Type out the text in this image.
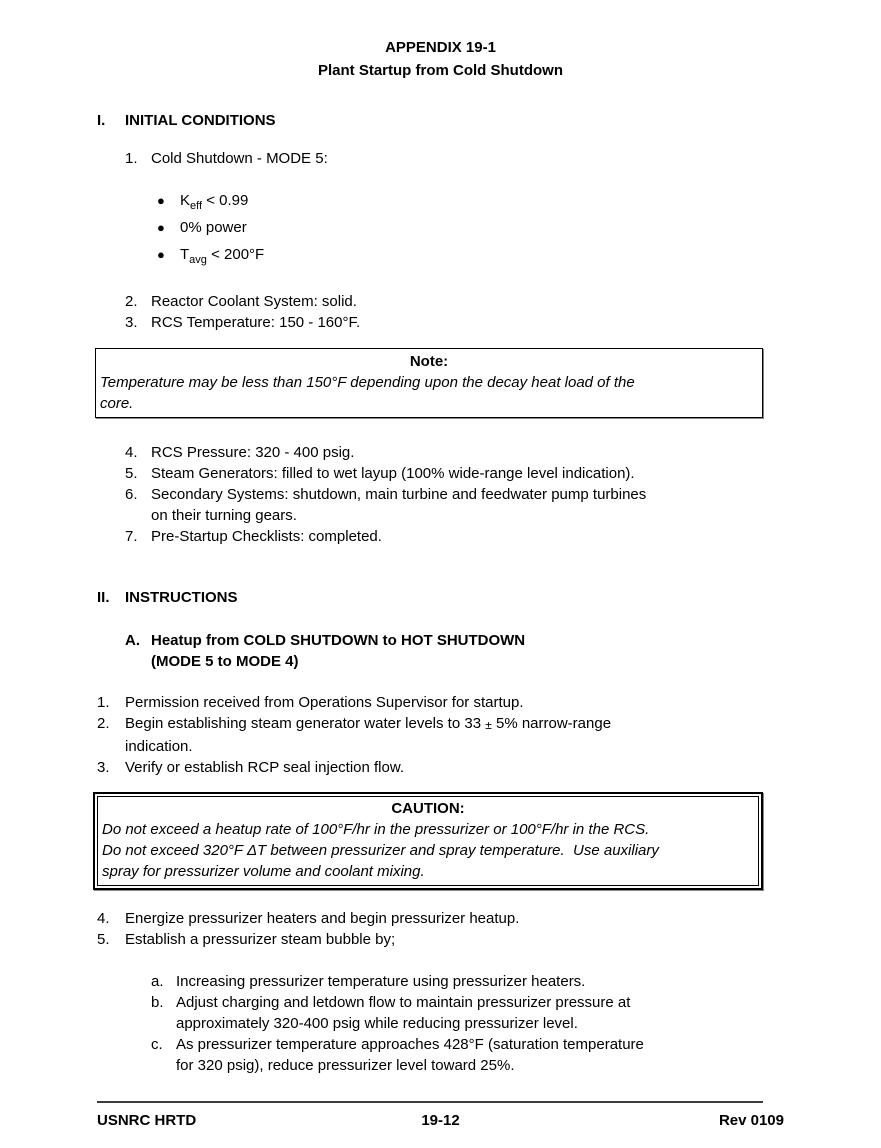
APPENDIX 19-1
Plant Startup from Cold Shutdown
I.	INITIAL CONDITIONS
1. Cold Shutdown - MODE 5:
●	$K_{eff} < 0.99$
●	0% power
●	$T_{avg} < 200^\circ F$
2. Reactor Coolant System: solid.
3. RCS Temperature: 150 - 160°F.
Note:
Temperature may be less than 150°F depending upon the decay heat load of the
core.
4. RCS Pressure: 320 - 400 psig.
5. Steam Generators: filled to wet layup (100% wide-range level indication).
6. Secondary Systems: shutdown, main turbine and feedwater pump turbines
on their turning gears.
7. Pre-Startup Checklists: completed.
II.	INSTRUCTIONS
A. Heatup from COLD SHUTDOWN to HOT SHUTDOWN
(MODE 5 to MODE 4)
1.	Permission received from Operations Supervisor for startup.
2.	Begin establishing steam generator water levels to 33 ± 5% narrow-range
indication.
3.	Verify or establish RCP seal injection flow.
CAUTION:
Do not exceed a heatup rate of 100°F/hr in the pressurizer or 100°F/hr in the RCS.
Do not exceed 320°F ΔT between pressurizer and spray temperature.  Use auxiliary
spray for pressurizer volume and coolant mixing.
4.	Energize pressurizer heaters and begin pressurizer heatup.
5.	Establish a pressurizer steam bubble by;
a. Increasing pressurizer temperature using pressurizer heaters.
b. Adjust charging and letdown flow to maintain pressurizer pressure at
approximately 320-400 psig while reducing pressurizer level.
c. As pressurizer temperature approaches 428°F (saturation temperature
for 320 psig), reduce pressurizer level toward 25%.
USNRC HRTD	19-12	Rev 0109
